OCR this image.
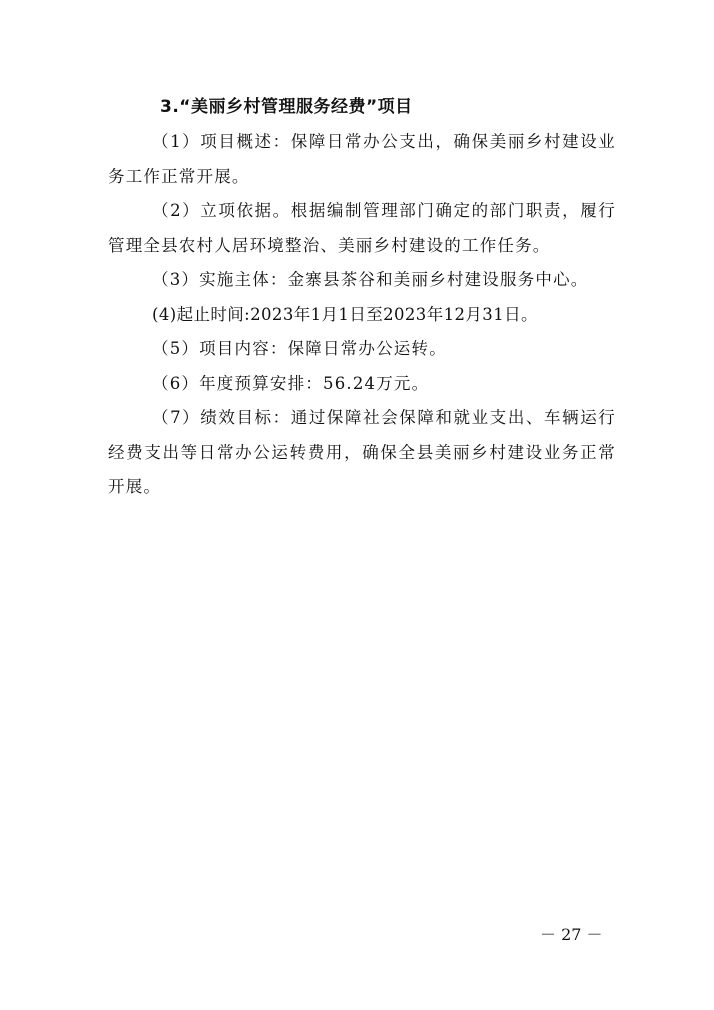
3.“美丽乡村管理服务经费”项目

（1）项目概述：保障日常办公支出，确保美丽乡村建设业务工作正常开展。

（2）立项依据。根据编制管理部门确定的部门职责，履行管理全县农村人居环境整治、美丽乡村建设的工作任务。

（3）实施主体：金寨县茶谷和美丽乡村建设服务中心。

(4)起止时间:2023年1月1日至2023年12月31日。

（5）项目内容：保障日常办公运转。

（6）年度预算安排：56.24万元。

（7）绩效目标：通过保障社会保障和就业支出、车辆运行经费支出等日常办公运转费用，确保全县美丽乡村建设业务正常开展。

－ 27 －
